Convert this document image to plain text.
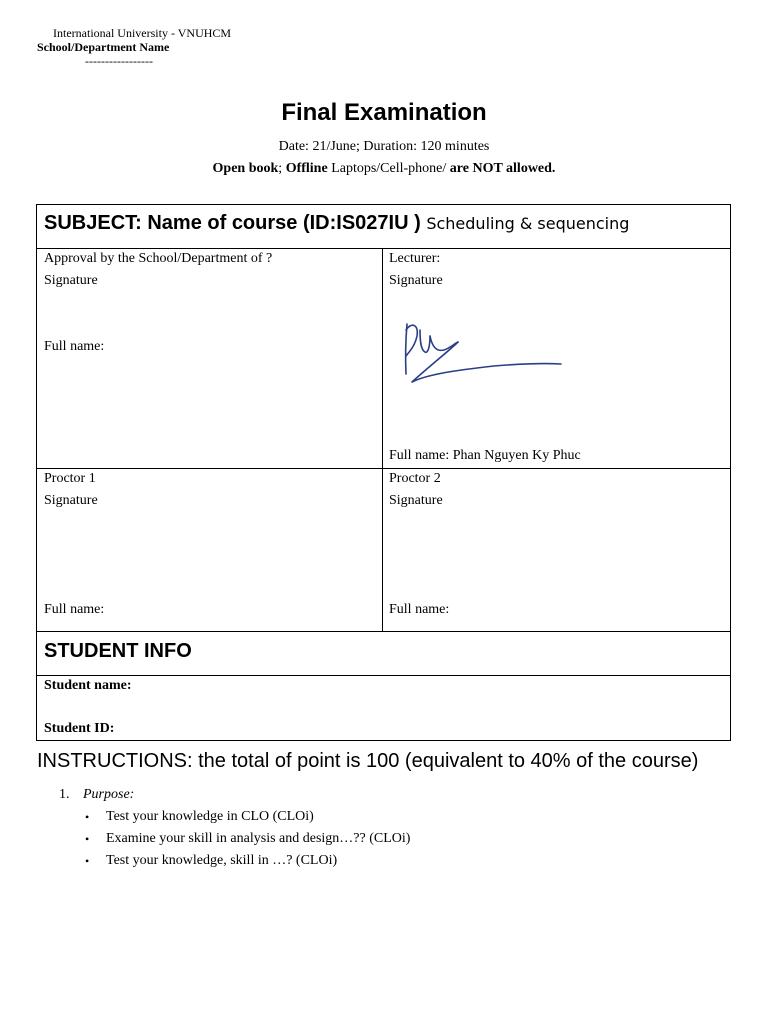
International University - VNUHCM
School/Department Name
-----------------
Final Examination
Date: 21/June; Duration: 120 minutes
Open book; Offline Laptops/Cell-phone/ are NOT allowed.
SUBJECT: Name of course (ID:IS027IU ) Scheduling & sequencing
Approval by the School/Department of ?
Signature
Full name:
Lecturer:
Signature
Full name: Phan Nguyen Ky Phuc
Proctor 1
Signature
Full name:
Proctor 2
Signature
Full name:
STUDENT INFO
Student name:
Student ID:
INSTRUCTIONS: the total of point is 100 (equivalent to 40% of the course)
1. Purpose:
• Test your knowledge in CLO (CLOi)
• Examine your skill in analysis and design…?? (CLOi)
• Test your knowledge, skill in …? (CLOi)
